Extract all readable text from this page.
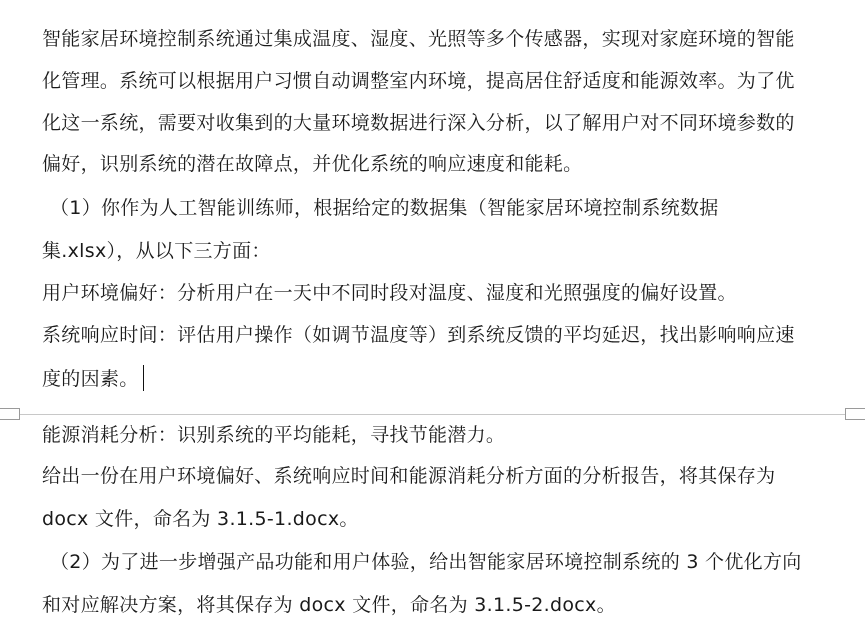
智能家居环境控制系统通过集成温度、湿度、光照等多个传感器，实现对家庭环境的智能
化管理。系统可以根据用户习惯自动调整室内环境，提高居住舒适度和能源效率。为了优
化这一系统，需要对收集到的大量环境数据进行深入分析，以了解用户对不同环境参数的
偏好，识别系统的潜在故障点，并优化系统的响应速度和能耗。
（1）你作为人工智能训练师，根据给定的数据集（智能家居环境控制系统数据
集.xlsx），从以下三方面：
用户环境偏好：分析用户在一天中不同时段对温度、湿度和光照强度的偏好设置。
系统响应时间：评估用户操作（如调节温度等）到系统反馈的平均延迟，找出影响响应速
度的因素。
能源消耗分析：识别系统的平均能耗，寻找节能潜力。
给出一份在用户环境偏好、系统响应时间和能源消耗分析方面的分析报告，将其保存为
docx 文件，命名为 3.1.5-1.docx。
（2）为了进一步增强产品功能和用户体验，给出智能家居环境控制系统的 3 个优化方向
和对应解决方案，将其保存为 docx 文件，命名为 3.1.5-2.docx。
